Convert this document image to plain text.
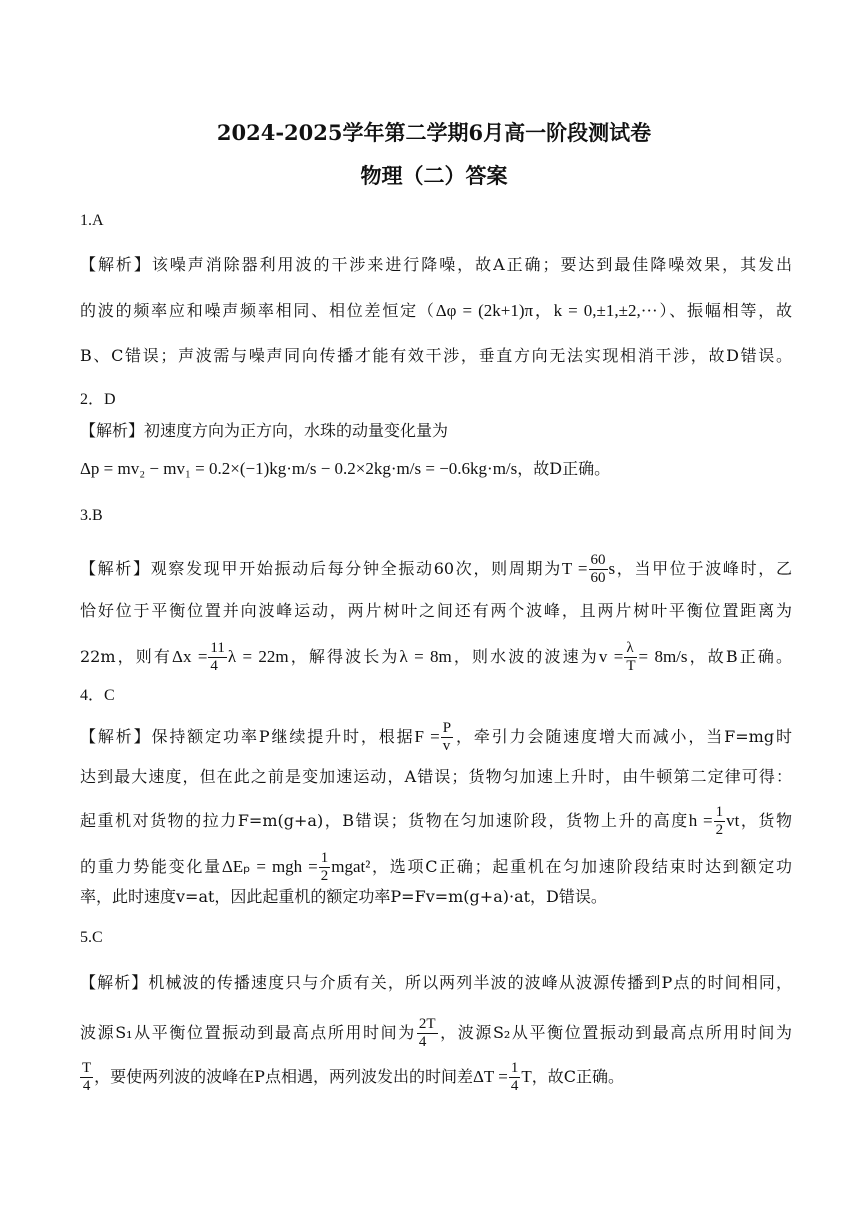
2024-2025学年第二学期6月高一阶段测试卷
物理（二）答案
1.A
【解析】该噪声消除器利用波的干涉来进行降噪，故A正确；要达到最佳降噪效果，其发出
的波的频率应和噪声频率相同、相位差恒定（Δφ = (2k+1)π，k = 0,±1,±2,···）、振幅相等，故
B、C错误；声波需与噪声同向传播才能有效干涉，垂直方向无法实现相消干涉，故D错误。
2．D
【解析】初速度方向为正方向，水珠的动量变化量为
Δp = mv₂ − mv₁ = 0.2×(−1)kg·m/s − 0.2×2kg·m/s = −0.6kg·m/s，故D正确。
3.B
【解析】观察发现甲开始振动后每分钟全振动60次，则周期为$T = \frac{60}{60}$ s，当甲位于波峰时，乙
恰好位于平衡位置并向波峰运动，两片树叶之间还有两个波峰，且两片树叶平衡位置距离为
22m，则有$\Delta x = \frac{11}{4}$ λ = 22m，解得波长为λ = 8m，则水波的波速为$v = \frac{\lambda}{T} = 8m/s$，故B正确。
4．C
【解析】保持额定功率P继续提升时，根据$F = \frac{P}{v}$ ，牵引力会随速度增大而减小，当F=mg时
达到最大速度，但在此之前是变加速运动，A错误；货物匀加速上升时，由牛顿第二定律可得：
起重机对货物的拉力F=m(g+a)，B错误；货物在匀加速阶段，货物上升的高度$h = \frac{1}{2}$ vt，货物
的重力势能变化量ΔEₚ = mgh = $\frac{1}{2}$ mgat²，选项C正确；起重机在匀加速阶段结束时达到额定功
率，此时速度v=at，因此起重机的额定功率P=Fv=m(g+a)·at，D错误。
5.C
【解析】机械波的传播速度只与介质有关，所以两列半波的波峰从波源传播到P点的时间相同，
波源S₁从平衡位置振动到最高点所用时间为 $\frac{2T}{4}$ ，波源S₂从平衡位置振动到最高点所用时间为
$\frac{T}{4}$ ，要使两列波的波峰在P点相遇，两列波发出的时间差$\Delta T = \frac{1}{4}$ T，故C正确。
